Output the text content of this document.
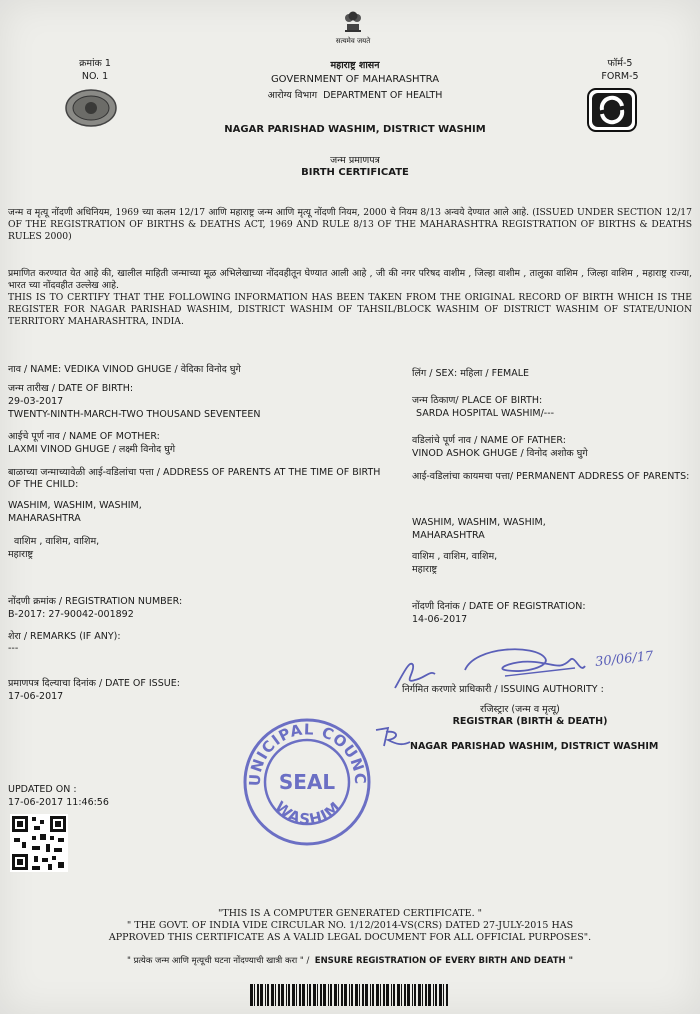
सत्यमेव जयते
क्रमांक 1
NO. 1
फॉर्म-5
FORM-5
महाराष्ट्र शासन
GOVERNMENT OF MAHARASHTRA
आरोग्य विभाग DEPARTMENT OF HEALTH
NAGAR PARISHAD WASHIM, DISTRICT WASHIM
जन्म प्रमाणपत्र
BIRTH CERTIFICATE
जन्म व मृत्यू नोंदणी अधिनियम, 1969 च्या कलम 12/17 आणि महाराष्ट्र जन्म आणि मृत्यू नोंदणी नियम, 2000 चे नियम 8/13 अन्वये देण्यात आले आहे. (ISSUED UNDER SECTION 12/17 OF THE REGISTRATION OF BIRTHS & DEATHS ACT, 1969 AND RULE 8/13 OF THE MAHARASHTRA REGISTRATION OF BIRTHS & DEATHS RULES 2000)
प्रमाणित करण्यात येत आहे की, खालील माहिती जन्माच्या मूळ अभिलेखाच्या नोंदवहीतून घेण्यात आली आहे , जी की नगर परिषद वाशीम , जिल्हा वाशीम , तालुका वाशिम , जिल्हा वाशिम , महाराष्ट्र राज्या, भारत च्या नोंदवहीत उल्लेख आहे.
THIS IS TO CERTIFY THAT THE FOLLOWING INFORMATION HAS BEEN TAKEN FROM THE ORIGINAL RECORD OF BIRTH WHICH IS THE REGISTER FOR NAGAR PARISHAD WASHIM, DISTRICT WASHIM OF TAHSIL/BLOCK WASHIM OF DISTRICT WASHIM OF STATE/UNION TERRITORY MAHARASHTRA, INDIA.
नाव / NAME: VEDIKA VINOD GHUGE / वेदिका विनोद घुगे	लिंग / SEX: महिला / FEMALE
जन्म तारीख / DATE OF BIRTH:
29-03-2017
TWENTY-NINTH-MARCH-TWO THOUSAND SEVENTEEN
जन्म ठिकाण/ PLACE OF BIRTH:
SARDA HOSPITAL WASHIM/---
आईचे पूर्ण नाव / NAME OF MOTHER:
LAXMI VINOD GHUGE / लक्ष्मी विनोद घुगे
वडिलांचे पूर्ण नाव / NAME OF FATHER:
VINOD ASHOK GHUGE / विनोद अशोक घुगे
बाळाच्या जन्माच्यावेळी आई-वडिलांचा पत्ता / ADDRESS OF PARENTS AT THE TIME OF BIRTH OF THE CHILD:
WASHIM, WASHIM, WASHIM,
MAHARASHTRA
वाशिम , वाशिम, वाशिम,
महाराष्ट्र
आई-वडिलांचा कायमचा पत्ता/ PERMANENT ADDRESS OF PARENTS:
WASHIM, WASHIM, WASHIM,
MAHARASHTRA
वाशिम , वाशिम, वाशिम,
महाराष्ट्र
नोंदणी क्रमांक / REGISTRATION NUMBER:
B-2017: 27-90042-001892
नोंदणी दिनांक / DATE OF REGISTRATION:
14-06-2017
शेरा / REMARKS (IF ANY):
---
प्रमाणपत्र दिल्याचा दिनांक / DATE OF ISSUE:
17-06-2017
30/06/17
निर्गमित करणारे प्राधिकारी / ISSUING AUTHORITY :
रजिस्ट्रार (जन्म व मृत्यू)
REGISTRAR (BIRTH & DEATH)
NAGAR PARISHAD WASHIM, DISTRICT WASHIM
UNICIPAL COUNC
SEAL
WASHIM
UPDATED ON :
17-06-2017 11:46:56
"THIS IS A COMPUTER GENERATED CERTIFICATE. "
" THE GOVT. OF INDIA VIDE CIRCULAR NO. 1/12/2014-VS(CRS) DATED 27-JULY-2015 HAS
APPROVED THIS CERTIFICATE AS A VALID LEGAL DOCUMENT FOR ALL OFFICIAL PURPOSES".
" प्रत्येक जन्म आणि मृत्यूची घटना नोंदण्याची खात्री करा " /  ENSURE REGISTRATION OF EVERY BIRTH AND DEATH "
